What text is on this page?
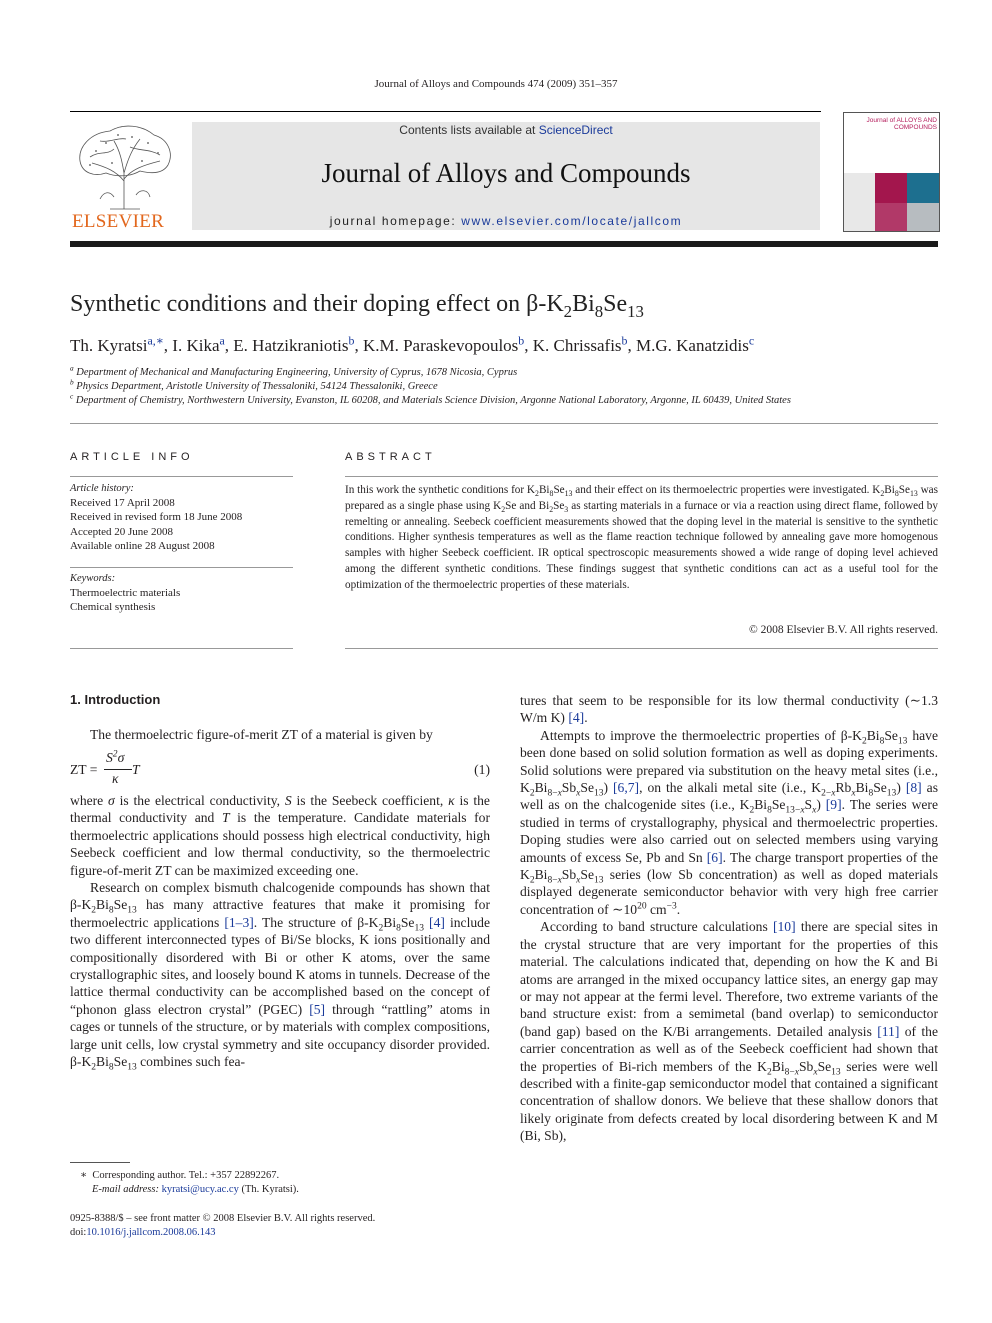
Journal of Alloys and Compounds 474 (2009) 351–357
ELSEVIER
Contents lists available at ScienceDirect
Journal of Alloys and Compounds
journal homepage: www.elsevier.com/locate/jallcom
Journal of ALLOYS AND COMPOUNDS
Synthetic conditions and their doping effect on $\beta-K_2Bi_8Se_{13}$
Th. Kyratsi$^{a,∗}$, I. Kika$^a$, E. Hatzikraniotis$^b$, K.M. Paraskevopoulos$^b$, K. Chrissafis$^b$, M.G. Kanatzidis$^c$
$^a$ Department of Mechanical and Manufacturing Engineering, University of Cyprus, 1678 Nicosia, Cyprus
$^b$ Physics Department, Aristotle University of Thessaloniki, 54124 Thessaloniki, Greece
$^c$ Department of Chemistry, Northwestern University, Evanston, IL 60208, and Materials Science Division, Argonne National Laboratory, Argonne, IL 60439, United States
ARTICLE INFO
Article history:
Received 17 April 2008
Received in revised form 18 June 2008
Accepted 20 June 2008
Available online 28 August 2008
Keywords:
Thermoelectric materials
Chemical synthesis
ABSTRACT
In this work the synthetic conditions for $K_2Bi_8Se_{13}$ and their effect on its thermoelectric properties were investigated. $K_2Bi_8Se_{13}$ was prepared as a single phase using $K_2Se$ and $Bi_2Se_3$ as starting materials in a furnace or via a reaction using direct flame, followed by remelting or annealing. Seebeck coefficient measurements showed that the doping level in the material is sensitive to the synthetic conditions. Higher synthesis temperatures as well as the flame reaction technique followed by annealing gave more homogenous samples with higher Seebeck coefficient. IR optical spectroscopic measurements showed a wide range of doping level achieved among the different synthetic conditions. These findings suggest that synthetic conditions can act as a useful tool for the optimization of the thermoelectric properties of these materials.
© 2008 Elsevier B.V. All rights reserved.
1. Introduction
The thermoelectric figure-of-merit ZT of a material is given by
ZT =
$S^2\sigma$
κ
T	(1)

where σ is the electrical conductivity, S is the Seebeck coefficient, κ is the thermal conductivity and T is the temperature. Candidate materials for thermoelectric applications should possess high electrical conductivity, high Seebeck coefficient and low thermal conductivity, so the thermoelectric figure-of-merit ZT can be maximized exceeding one.

Research on complex bismuth chalcogenide compounds has shown that $\beta-K_2Bi_8Se_{13}$ has many attractive features that make it promising for thermoelectric applications [1–3]. The structure of $\beta-K_2Bi_8Se_{13}$ [4] include two different interconnected types of Bi/Se blocks, K ions positionally and compositionally disordered with Bi or other K atoms, over the same crystallographic sites, and loosely bound K atoms in tunnels. Decrease of the lattice thermal conductivity can be accomplished based on the concept of “phonon glass electron crystal” (PGEC) [5] through “rattling” atoms in cages or tunnels of the structure, or by materials with complex compositions, large unit cells, low crystal symmetry and site occupancy disorder provided. $\beta-K_2Bi_8Se_{13}$ combines such fea-

tures that seem to be responsible for its low thermal conductivity (∼1.3 W/m K) [4].

Attempts to improve the thermoelectric properties of $\beta-K_2Bi_8Se_{13}$ have been done based on solid solution formation as well as doping experiments. Solid solutions were prepared via substitution on the heavy metal sites (i.e., $K_2Bi_{8-x}Sb_xSe_{13}$) [6,7], on the alkali metal site (i.e., $K_{2-x}Rb_xBi_8Se_{13}$) [8] as well as on the chalcogenide sites (i.e., $K_2Bi_8Se_{13-x}S_x$) [9]. The series were studied in terms of crystallography, physical and thermoelectric properties. Doping studies were also carried out on selected members using varying amounts of excess Se, Pb and Sn [6]. The charge transport properties of the $K_2Bi_{8-x}Sb_xSe_{13}$ series (low Sb concentration) as well as doped materials displayed degenerate semiconductor behavior with very high free carrier concentration of $\sim 10^{20}$ $cm^{-3}$.

According to band structure calculations [10] there are special sites in the crystal structure that are very important for the properties of this material. The calculations indicated that, depending on how the K and Bi atoms are arranged in the mixed occupancy lattice sites, an energy gap may or may not appear at the fermi level. Therefore, two extreme variants of the band structure exist: from a semimetal (band overlap) to semiconductor (band gap) based on the K/Bi arrangements. Detailed analysis [11] of the carrier concentration as well as of the Seebeck coefficient had shown that the properties of Bi-rich members of the $K_2Bi_{8-x}Sb_xSe_{13}$ series were well described with a finite-gap semiconductor model that contained a significant concentration of shallow donors. We believe that these shallow donors that likely originate from defects created by local disordering between K and M (Bi, Sb),

∗  Corresponding author. Tel.: +357 22892267.
E-mail address: kyratsi@ucy.ac.cy (Th. Kyratsi).
0925-8388/$ – see front matter © 2008 Elsevier B.V. All rights reserved.
doi:10.1016/j.jallcom.2008.06.143
